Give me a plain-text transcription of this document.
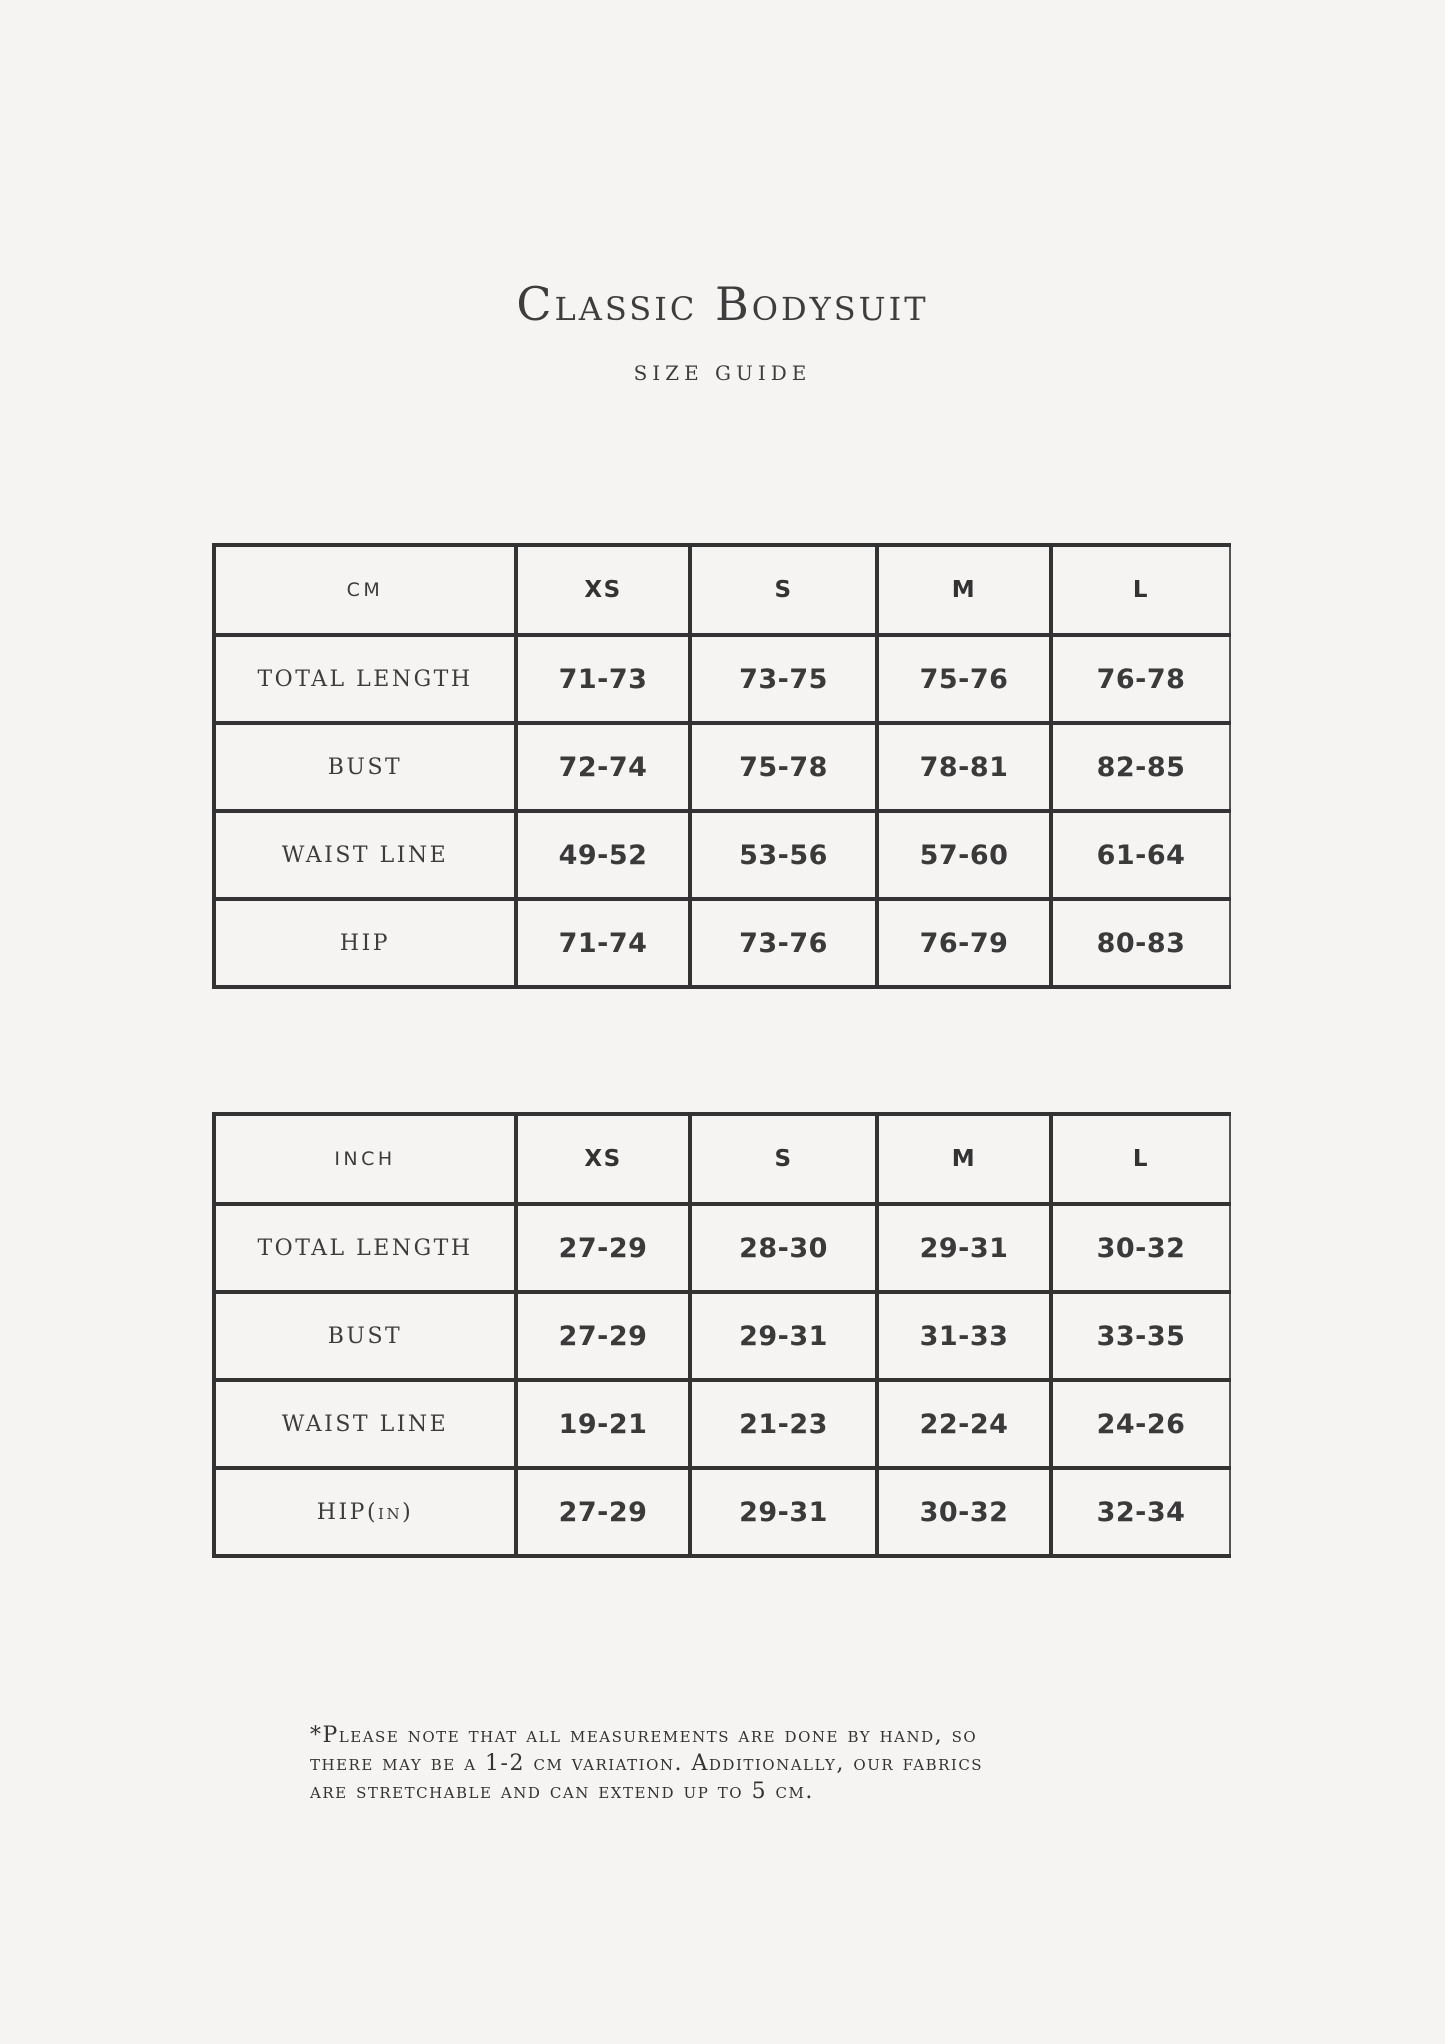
Classic Bodysuit
SIZE GUIDE
CM	XS	S	M	L
TOTAL LENGTH	71-73	73-75	75-76	76-78
BUST	72-74	75-78	78-81	82-85
WAIST LINE	49-52	53-56	57-60	61-64
HIP	71-74	73-76	76-79	80-83
INCH	XS	S	M	L
TOTAL LENGTH	27-29	28-30	29-31	30-32
BUST	27-29	29-31	31-33	33-35
WAIST LINE	19-21	21-23	22-24	24-26
HIP(in)	27-29	29-31	30-32	32-34
*Please note that all measurements are done by hand, so
there may be a 1-2 cm variation. Additionally, our fabrics
are stretchable and can extend up to 5 cm.
